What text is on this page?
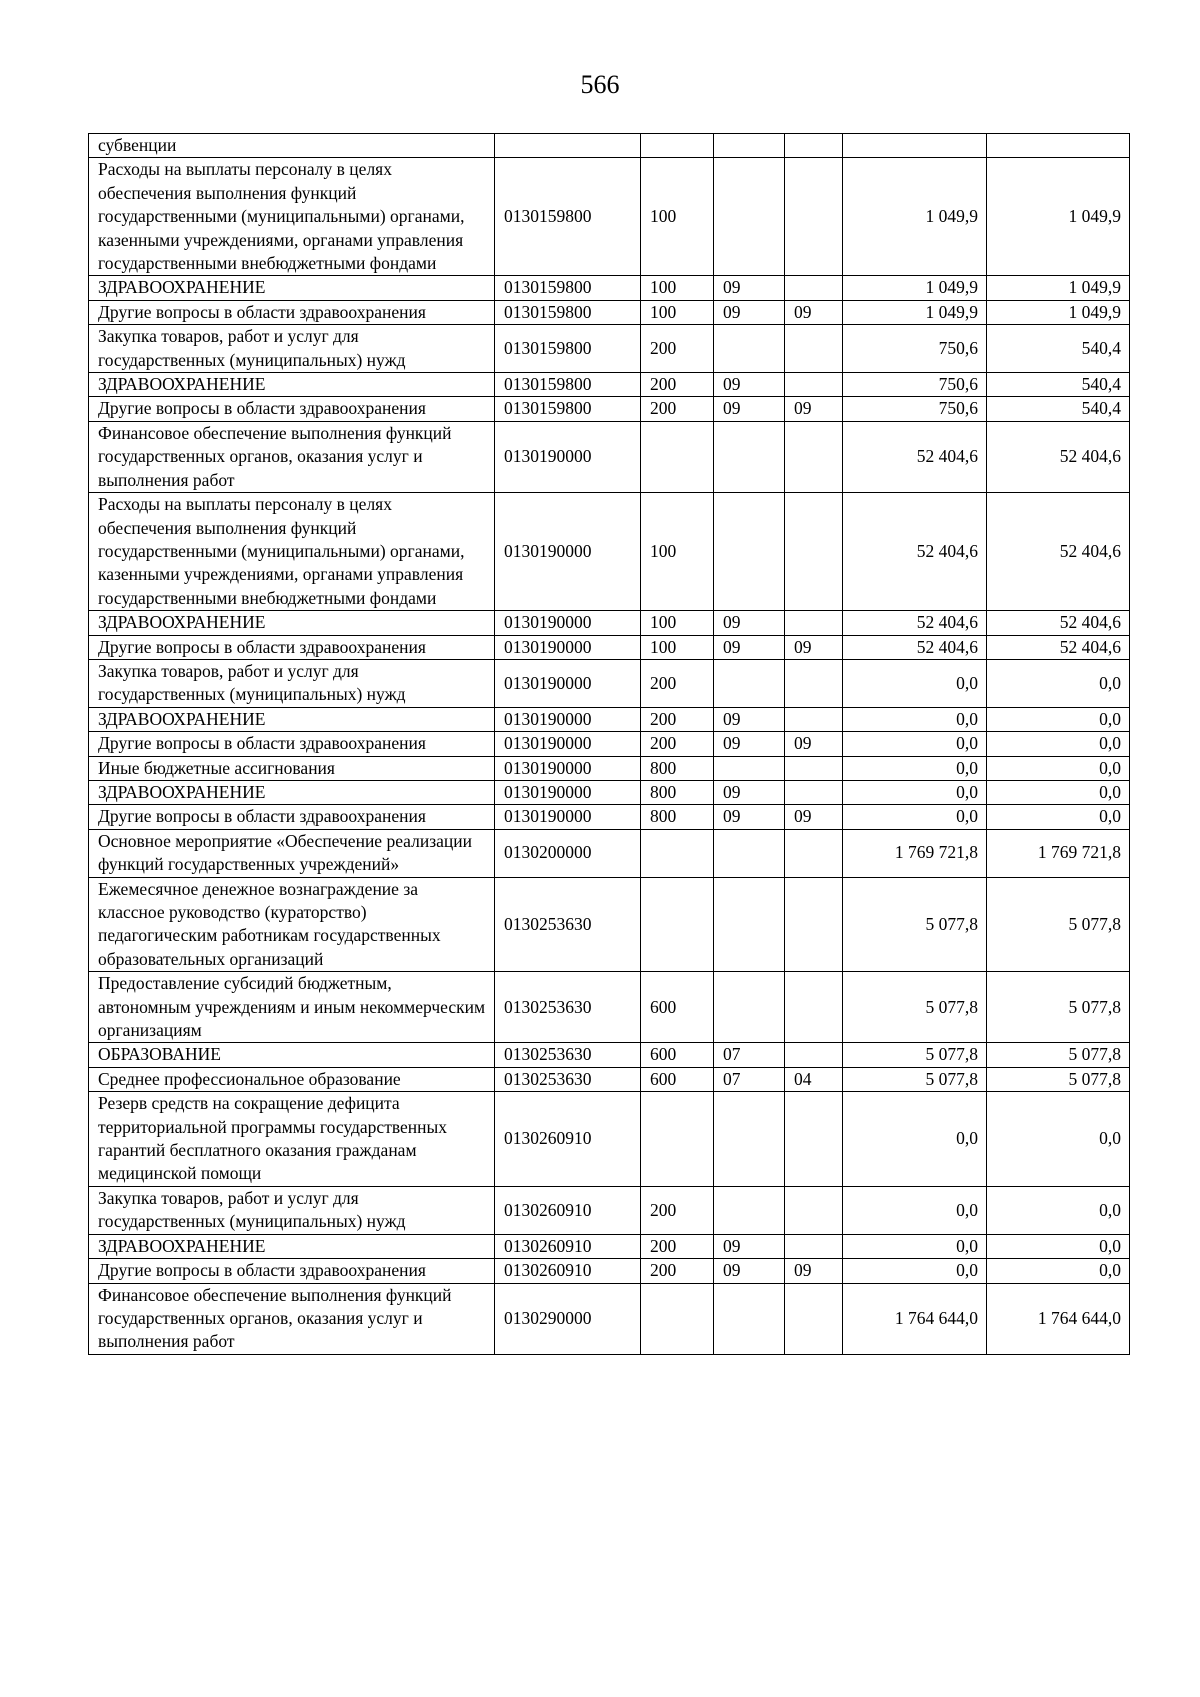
566
субвенции						
Расходы на выплаты персоналу в целях обеспечения выполнения функций государственными (муниципальными) органами, казенными учреждениями, органами управления государственными внебюджетными фондами	0130159800	100			1 049,9	1 049,9
ЗДРАВООХРАНЕНИЕ	0130159800	100	09		1 049,9	1 049,9
Другие вопросы в области здравоохранения	0130159800	100	09	09	1 049,9	1 049,9
Закупка товаров, работ и услуг для государственных (муниципальных) нужд	0130159800	200			750,6	540,4
ЗДРАВООХРАНЕНИЕ	0130159800	200	09		750,6	540,4
Другие вопросы в области здравоохранения	0130159800	200	09	09	750,6	540,4
Финансовое обеспечение выполнения функций государственных органов, оказания услуг и выполнения работ	0130190000				52 404,6	52 404,6
Расходы на выплаты персоналу в целях обеспечения выполнения функций государственными (муниципальными) органами, казенными учреждениями, органами управления государственными внебюджетными фондами	0130190000	100			52 404,6	52 404,6
ЗДРАВООХРАНЕНИЕ	0130190000	100	09		52 404,6	52 404,6
Другие вопросы в области здравоохранения	0130190000	100	09	09	52 404,6	52 404,6
Закупка товаров, работ и услуг для государственных (муниципальных) нужд	0130190000	200			0,0	0,0
ЗДРАВООХРАНЕНИЕ	0130190000	200	09		0,0	0,0
Другие вопросы в области здравоохранения	0130190000	200	09	09	0,0	0,0
Иные бюджетные ассигнования	0130190000	800			0,0	0,0
ЗДРАВООХРАНЕНИЕ	0130190000	800	09		0,0	0,0
Другие вопросы в области здравоохранения	0130190000	800	09	09	0,0	0,0
Основное мероприятие «Обеспечение реализации функций государственных учреждений»	0130200000				1 769 721,8	1 769 721,8
Ежемесячное денежное вознаграждение за классное руководство (кураторство) педагогическим работникам государственных образовательных организаций	0130253630				5 077,8	5 077,8
Предоставление субсидий бюджетным, автономным учреждениям и иным некоммерческим организациям	0130253630	600			5 077,8	5 077,8
ОБРАЗОВАНИЕ	0130253630	600	07		5 077,8	5 077,8
Среднее профессиональное образование	0130253630	600	07	04	5 077,8	5 077,8
Резерв средств на сокращение дефицита территориальной программы государственных гарантий бесплатного оказания гражданам медицинской помощи	0130260910				0,0	0,0
Закупка товаров, работ и услуг для государственных (муниципальных) нужд	0130260910	200			0,0	0,0
ЗДРАВООХРАНЕНИЕ	0130260910	200	09		0,0	0,0
Другие вопросы в области здравоохранения	0130260910	200	09	09	0,0	0,0
Финансовое обеспечение выполнения функций государственных органов, оказания услуг и выполнения работ	0130290000				1 764 644,0	1 764 644,0
